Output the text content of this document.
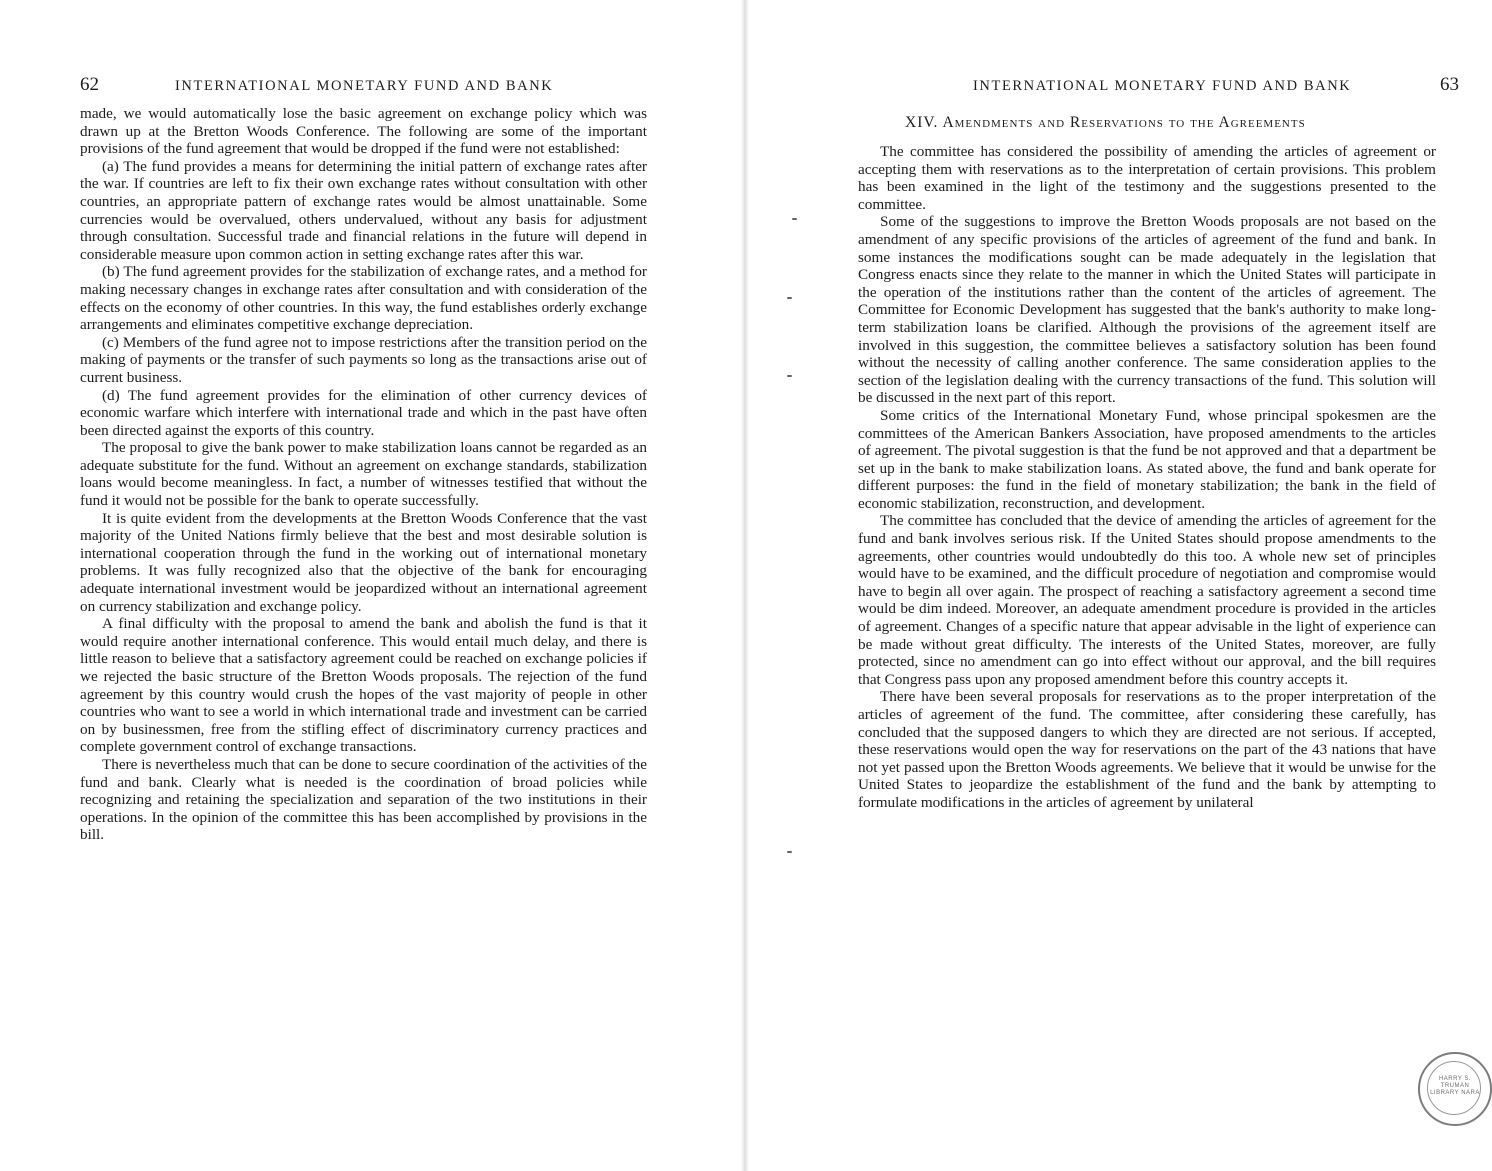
62	INTERNATIONAL MONETARY FUND AND BANK

made, we would automatically lose the basic agreement on exchange policy which was drawn up at the Bretton Woods Conference. The following are some of the important provisions of the fund agreement that would be dropped if the fund were not established:

(a) The fund provides a means for determining the initial pattern of exchange rates after the war. If countries are left to fix their own exchange rates without consultation with other countries, an appropriate pattern of exchange rates would be almost unattainable. Some currencies would be overvalued, others undervalued, without any basis for adjustment through consultation. Successful trade and financial relations in the future will depend in considerable measure upon common action in setting exchange rates after this war.

(b) The fund agreement provides for the stabilization of exchange rates, and a method for making necessary changes in exchange rates after consultation and with consideration of the effects on the economy of other countries. In this way, the fund establishes orderly exchange arrangements and eliminates competitive exchange depreciation.

(c) Members of the fund agree not to impose restrictions after the transition period on the making of payments or the transfer of such payments so long as the transactions arise out of current business.

(d) The fund agreement provides for the elimination of other currency devices of economic warfare which interfere with international trade and which in the past have often been directed against the exports of this country.

The proposal to give the bank power to make stabilization loans cannot be regarded as an adequate substitute for the fund. Without an agreement on exchange standards, stabilization loans would become meaningless. In fact, a number of witnesses testified that without the fund it would not be possible for the bank to operate successfully.

It is quite evident from the developments at the Bretton Woods Conference that the vast majority of the United Nations firmly believe that the best and most desirable solution is international cooperation through the fund in the working out of international monetary problems. It was fully recognized also that the objective of the bank for encouraging adequate international investment would be jeopardized without an international agreement on currency stabilization and exchange policy.

A final difficulty with the proposal to amend the bank and abolish the fund is that it would require another international conference. This would entail much delay, and there is little reason to believe that a satisfactory agreement could be reached on exchange policies if we rejected the basic structure of the Bretton Woods proposals. The rejection of the fund agreement by this country would crush the hopes of the vast majority of people in other countries who want to see a world in which international trade and investment can be carried on by businessmen, free from the stifling effect of discriminatory currency practices and complete government control of exchange transactions.

There is nevertheless much that can be done to secure coordination of the activities of the fund and bank. Clearly what is needed is the coordination of broad policies while recognizing and retaining the specialization and separation of the two institutions in their operations. In the opinion of the committee this has been accomplished by provisions in the bill.

INTERNATIONAL MONETARY FUND AND BANK	63
XIV. Amendments and Reservations to the Agreements

The committee has considered the possibility of amending the articles of agreement or accepting them with reservations as to the interpretation of certain provisions. This problem has been examined in the light of the testimony and the suggestions presented to the committee.

Some of the suggestions to improve the Bretton Woods proposals are not based on the amendment of any specific provisions of the articles of agreement of the fund and bank. In some instances the modifications sought can be made adequately in the legislation that Congress enacts since they relate to the manner in which the United States will participate in the operation of the institutions rather than the content of the articles of agreement. The Committee for Economic Development has suggested that the bank's authority to make long-term stabilization loans be clarified. Although the provisions of the agreement itself are involved in this suggestion, the committee believes a satisfactory solution has been found without the necessity of calling another conference. The same consideration applies to the section of the legislation dealing with the currency transactions of the fund. This solution will be discussed in the next part of this report.

Some critics of the International Monetary Fund, whose principal spokesmen are the committees of the American Bankers Association, have proposed amendments to the articles of agreement. The pivotal suggestion is that the fund be not approved and that a department be set up in the bank to make stabilization loans. As stated above, the fund and bank operate for different purposes: the fund in the field of monetary stabilization; the bank in the field of economic stabilization, reconstruction, and development.

The committee has concluded that the device of amending the articles of agreement for the fund and bank involves serious risk. If the United States should propose amendments to the agreements, other countries would undoubtedly do this too. A whole new set of principles would have to be examined, and the difficult procedure of negotiation and compromise would have to begin all over again. The prospect of reaching a satisfactory agreement a second time would be dim indeed. Moreover, an adequate amendment procedure is provided in the articles of agreement. Changes of a specific nature that appear advisable in the light of experience can be made without great difficulty. The interests of the United States, moreover, are fully protected, since no amendment can go into effect without our approval, and the bill requires that Congress pass upon any proposed amendment before this country accepts it.

There have been several proposals for reservations as to the proper interpretation of the articles of agreement of the fund. The committee, after considering these carefully, has concluded that the supposed dangers to which they are directed are not serious. If accepted, these reservations would open the way for reservations on the part of the 43 nations that have not yet passed upon the Bretton Woods agreements. We believe that it would be unwise for the United States to jeopardize the establishment of the fund and the bank by attempting to formulate modifications in the articles of agreement by unilateral

HARRY S. TRUMAN LIBRARY NARA
